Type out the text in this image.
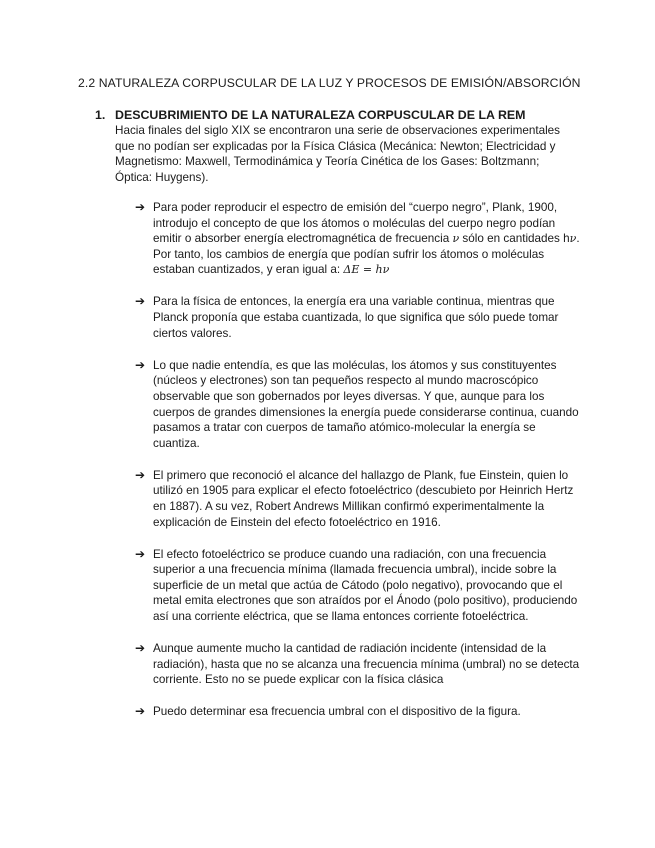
2.2 NATURALEZA CORPUSCULAR DE LA LUZ Y PROCESOS DE EMISIÓN/ABSORCIÓN
1. DESCUBRIMIENTO DE LA NATURALEZA CORPUSCULAR DE LA REM

Hacia finales del siglo XIX se encontraron una serie de observaciones experimentales que no podían ser explicadas por la Física Clásica (Mecánica: Newton; Electricidad y Magnetismo: Maxwell, Termodinámica y Teoría Cinética de los Gases: Boltzmann; Óptica: Huygens).

➔ Para poder reproducir el espectro de emisión del “cuerpo negro”, Plank, 1900, introdujo el concepto de que los átomos o moléculas del cuerpo negro podían emitir o absorber energía electromagnética de frecuencia ν sólo en cantidades hν. Por tanto, los cambios de energía que podían sufrir los átomos o moléculas estaban cuantizados, y eran igual a: ΔE = hν
➔ Para la física de entonces, la energía era una variable continua, mientras que Planck proponía que estaba cuantizada, lo que significa que sólo puede tomar ciertos valores.
➔ Lo que nadie entendía, es que las moléculas, los átomos y sus constituyentes (núcleos y electrones) son tan pequeños respecto al mundo macroscópico observable que son gobernados por leyes diversas. Y que, aunque para los cuerpos de grandes dimensiones la energía puede considerarse continua, cuando pasamos a tratar con cuerpos de tamaño atómico-molecular la energía se cuantiza.
➔ El primero que reconoció el alcance del hallazgo de Plank, fue Einstein, quien lo utilizó en 1905 para explicar el efecto fotoeléctrico (descubieto por Heinrich Hertz en 1887). A su vez, Robert Andrews Millikan confirmó experimentalmente la explicación de Einstein del efecto fotoeléctrico en 1916.
➔ El efecto fotoeléctrico se produce cuando una radiación, con una frecuencia superior a una frecuencia mínima (llamada frecuencia umbral), incide sobre la superficie de un metal que actúa de Cátodo (polo negativo), provocando que el metal emita electrones que son atraídos por el Ánodo (polo positivo), produciendo así una corriente eléctrica, que se llama entonces corriente fotoeléctrica.
➔ Aunque aumente mucho la cantidad de radiación incidente (intensidad de la radiación), hasta que no se alcanza una frecuencia mínima (umbral) no se detecta corriente. Esto no se puede explicar con la física clásica
➔ Puedo determinar esa frecuencia umbral con el dispositivo de la figura.
